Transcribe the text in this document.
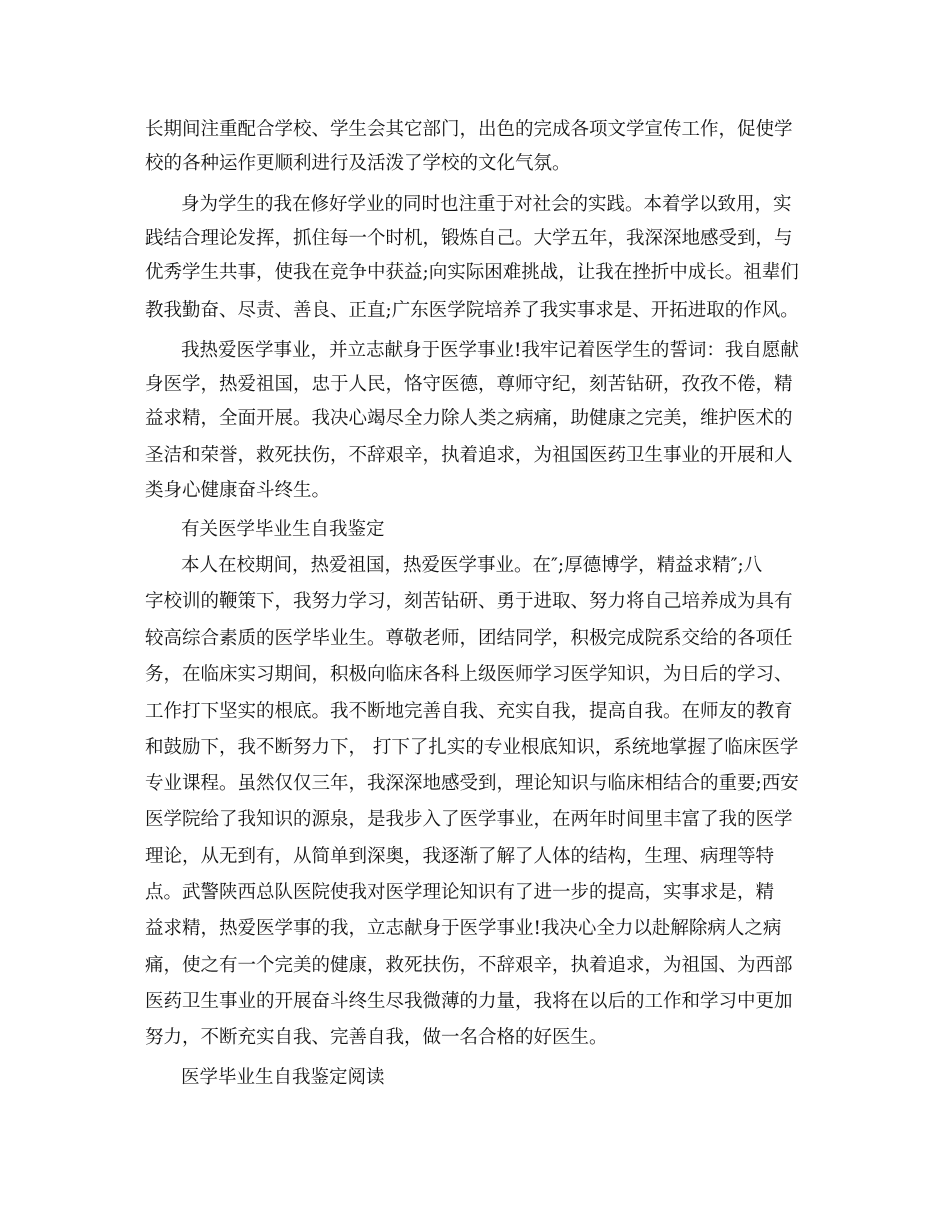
长期间注重配合学校、学生会其它部门，出色的完成各项文学宣传工作，促使学
校的各种运作更顺利进行及活泼了学校的文化气氛。
身为学生的我在修好学业的同时也注重于对社会的实践。本着学以致用，实
践结合理论发挥，抓住每一个时机，锻炼自己。大学五年，我深深地感受到，与
优秀学生共事，使我在竞争中获益;向实际困难挑战，让我在挫折中成长。祖辈们
教我勤奋、尽责、善良、正直;广东医学院培养了我实事求是、开拓进取的作风。
我热爱医学事业，并立志献身于医学事业!我牢记着医学生的誓词：我自愿献
身医学，热爱祖国，忠于人民，恪守医德，尊师守纪，刻苦钻研，孜孜不倦，精
益求精，全面开展。我决心竭尽全力除人类之病痛，助健康之完美，维护医术的
圣洁和荣誉，救死扶伤，不辞艰辛，执着追求，为祖国医药卫生事业的开展和人
类身心健康奋斗终生。
有关医学毕业生自我鉴定
本人在校期间，热爱祖国，热爱医学事业。在″;厚德博学，精益求精″;八
字校训的鞭策下，我努力学习，刻苦钻研、勇于进取、努力将自己培养成为具有
较高综合素质的医学毕业生。尊敬老师，团结同学，积极完成院系交给的各项任
务，在临床实习期间，积极向临床各科上级医师学习医学知识，为日后的学习、
工作打下坚实的根底。我不断地完善自我、充实自我，提高自我。在师友的教育
和鼓励下，我不断努力下， 打下了扎实的专业根底知识，系统地掌握了临床医学
专业课程。虽然仅仅三年，我深深地感受到，理论知识与临床相结合的重要;西安
医学院给了我知识的源泉，是我步入了医学事业，在两年时间里丰富了我的医学
理论，从无到有，从简单到深奥，我逐渐了解了人体的结构，生理、病理等特
点。武警陕西总队医院使我对医学理论知识有了进一步的提高，实事求是，精
益求精，热爱医学事的我，立志献身于医学事业!我决心全力以赴解除病人之病
痛，使之有一个完美的健康，救死扶伤，不辞艰辛，执着追求，为祖国、为西部
医药卫生事业的开展奋斗终生尽我微薄的力量，我将在以后的工作和学习中更加
努力，不断充实自我、完善自我，做一名合格的好医生。
医学毕业生自我鉴定阅读
